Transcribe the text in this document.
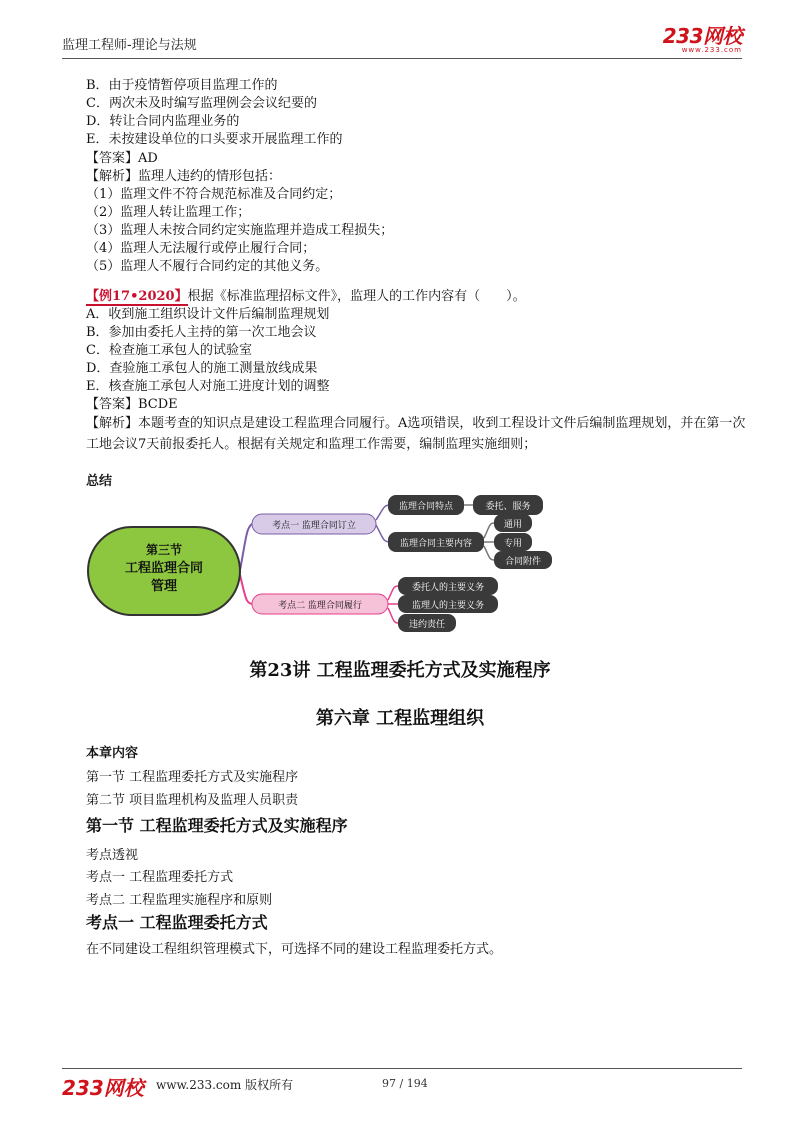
监理工程师-理论与法规	233网校
www.233.com
B．由于疫情暂停项目监理工作的
C．两次未及时编写监理例会会议纪要的
D．转让合同内监理业务的
E．未按建设单位的口头要求开展监理工作的
【答案】AD
【解析】监理人违约的情形包括：
（1）监理文件不符合规范标准及合同约定；
（2）监理人转让监理工作；
（3）监理人未按合同约定实施监理并造成工程损失；
（4）监理人无法履行或停止履行合同；
（5）监理人不履行合同约定的其他义务。
【例17•2020】根据《标准监理招标文件》，监理人的工作内容有（　　）。
A．收到施工组织设计文件后编制监理规划
B．参加由委托人主持的第一次工地会议
C．检查施工承包人的试验室
D．查验施工承包人的施工测量放线成果
E．核查施工承包人对施工进度计划的调整
【答案】BCDE
【解析】本题考查的知识点是建设工程监理合同履行。A选项错误，收到工程设计文件后编制监理规划，并在第一次工地会议7天前报委托人。根据有关规定和监理工作需要，编制监理实施细则；
总结
第三节
工程监理合同
管理
考点一 监理合同订立
监理合同特点	委托、服务
监理合同主要内容
通用
专用
合同附件
考点二 监理合同履行
委托人的主要义务
监理人的主要义务
违约责任
第23讲 工程监理委托方式及实施程序
第六章 工程监理组织
本章内容
第一节 工程监理委托方式及实施程序
第二节 项目监理机构及监理人员职责
第一节 工程监理委托方式及实施程序
考点透视
考点一 工程监理委托方式
考点二 工程监理实施程序和原则
考点一 工程监理委托方式
在不同建设工程组织管理模式下，可选择不同的建设工程监理委托方式。
233网校 www.233.com 版权所有	97 / 194
